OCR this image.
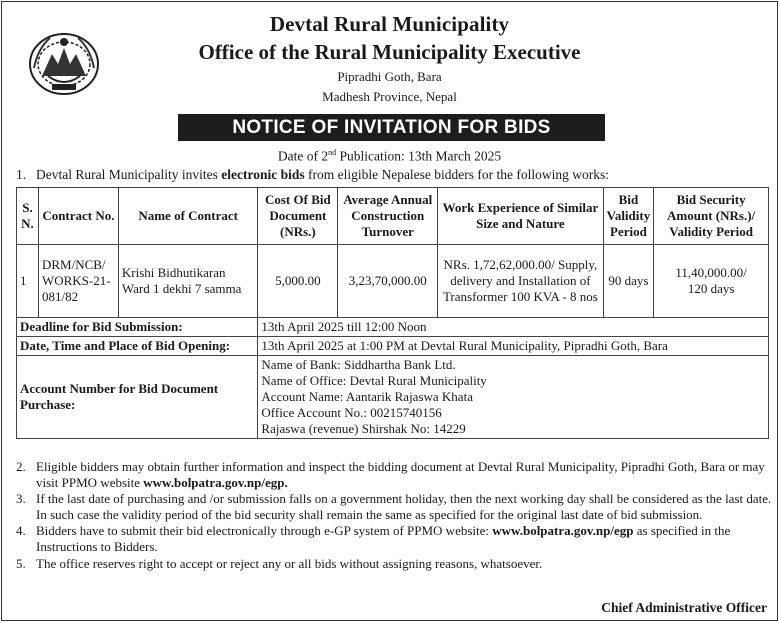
Devtal Rural Municipality
Office of the Rural Municipality Executive
Pipradhi Goth, Bara
Madhesh Province, Nepal
NOTICE OF INVITATION FOR BIDS
Date of 2nd Publication: 13th March 2025
1. Devtal Rural Municipality invites electronic bids from eligible Nepalese bidders for the following works:
S. N.	Contract No.	Name of Contract	Cost Of Bid Document (NRs.)	Average Annual Construction Turnover	Work Experience of Similar Size and Nature	Bid Validity Period	Bid Security Amount (NRs.)/ Validity Period
1	DRM/NCB/ WORKS-21-081/82	Krishi Bidhutikaran Ward 1 dekhi 7 samma	5,000.00	3,23,70,000.00	NRs. 1,72,62,000.00/ Supply, delivery and Installation of Transformer 100 KVA - 8 nos	90 days	11,40,000.00/
120 days

Deadline for Bid Submission:			13th April 2025 till 12:00 Noon				
Date, Time and Place of Bid Opening:			13th April 2025 at 1:00 PM at Devtal Rural Municipality, Pipradhi Goth, Bara				
Account Number for Bid Document Purchase:			Name of Bank: Siddhartha Bank Ltd.
Name of Office: Devtal Rural Municipality
Account Name: Aantarik Rajaswa Khata
Office Account No.: 00215740156
Rajaswa (revenue) Shirshak No: 14229				
2. Eligible bidders may obtain further information and inspect the bidding document at Devtal Rural Municipality, Pipradhi Goth, Bara or may visit PPMO website www.bolpatra.gov.np/egp.
3. If the last date of purchasing and /or submission falls on a government holiday, then the next working day shall be considered as the last date. In such case the validity period of the bid security shall remain the same as specified for the original last date of bid submission.
4. Bidders have to submit their bid electronically through e-GP system of PPMO website: www.bolpatra.gov.np/egp as specified in the Instructions to Bidders.
5. The office reserves right to accept or reject any or all bids without assigning reasons, whatsoever.
Chief Administrative Officer
